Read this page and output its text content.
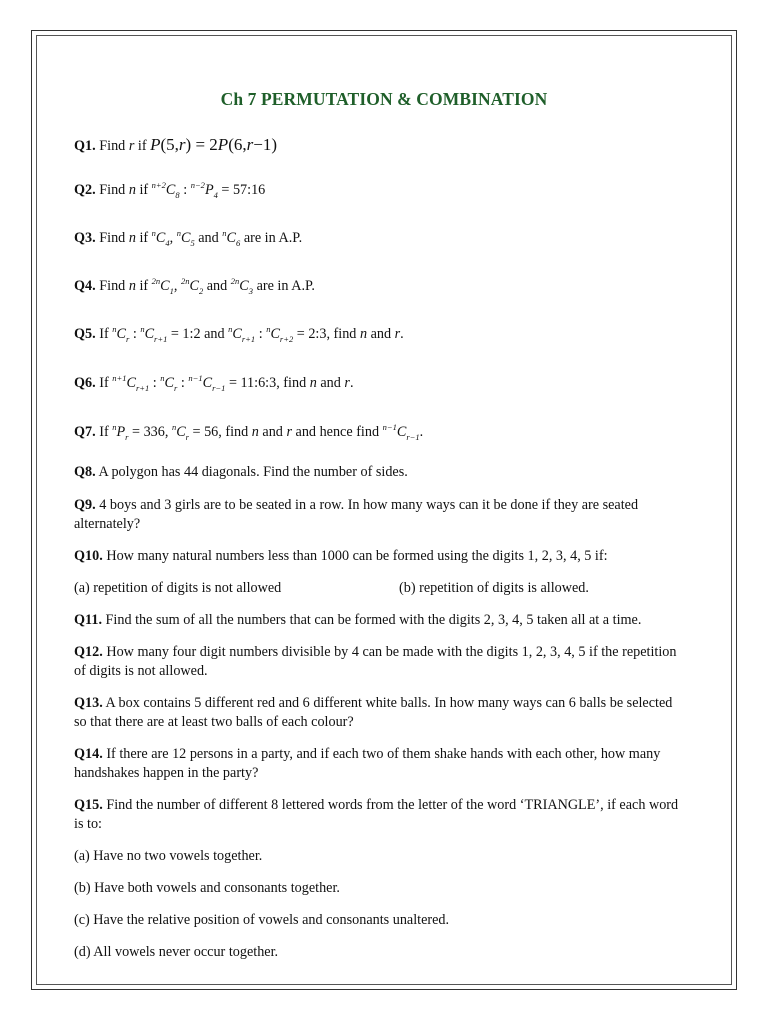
Ch 7 PERMUTATION & COMBINATION

Q1. Find r if P(5,r) = 2P(6,r−1)

Q2. Find n if $^{n+2}C_8$ : $^{n-2}P_4$ = 57:16

Q3. Find n if $^nC_4$, $^nC_5$ and $^nC_6$ are in A.P.

Q4. Find n if $^{2n}C_1$, $^{2n}C_2$ and $^{2n}C_3$ are in A.P.

Q5. If $^nC_r$ : $^nC_{r+1}$ = 1:2 and $^nC_{r+1}$ : $^nC_{r+2}$ = 2:3, find n and r.

Q6. If $^{n+1}C_{r+1}$ : $^nC_r$ : $^{n-1}C_{r-1}$ = 11:6:3, find n and r.

Q7. If $^nP_r = 336$, $^nC_r = 56$, find n and r and hence find $^{n-1}C_{r-1}$.

Q8. A polygon has 44 diagonals. Find the number of sides.

Q9. 4 boys and 3 girls are to be seated in a row. In how many ways can it be done if they are seated alternately?

Q10. How many natural numbers less than 1000 can be formed using the digits 1, 2, 3, 4, 5 if:

(a) repetition of digits is not allowed	(b) repetition of digits is allowed.

Q11. Find the sum of all the numbers that can be formed with the digits 2, 3, 4, 5 taken all at a time.

Q12. How many four digit numbers divisible by 4 can be made with the digits 1, 2, 3, 4, 5 if the repetition of digits is not allowed.

Q13. A box contains 5 different red and 6 different white balls. In how many ways can 6 balls be selected so that there are at least two balls of each colour?

Q14. If there are 12 persons in a party, and if each two of them shake hands with each other, how many handshakes happen in the party?

Q15. Find the number of different 8 lettered words from the letter of the word ‘TRIANGLE’, if each word is to:

(a) Have no two vowels together.

(b) Have both vowels and consonants together.

(c) Have the relative position of vowels and consonants unaltered.

(d) All vowels never occur together.
